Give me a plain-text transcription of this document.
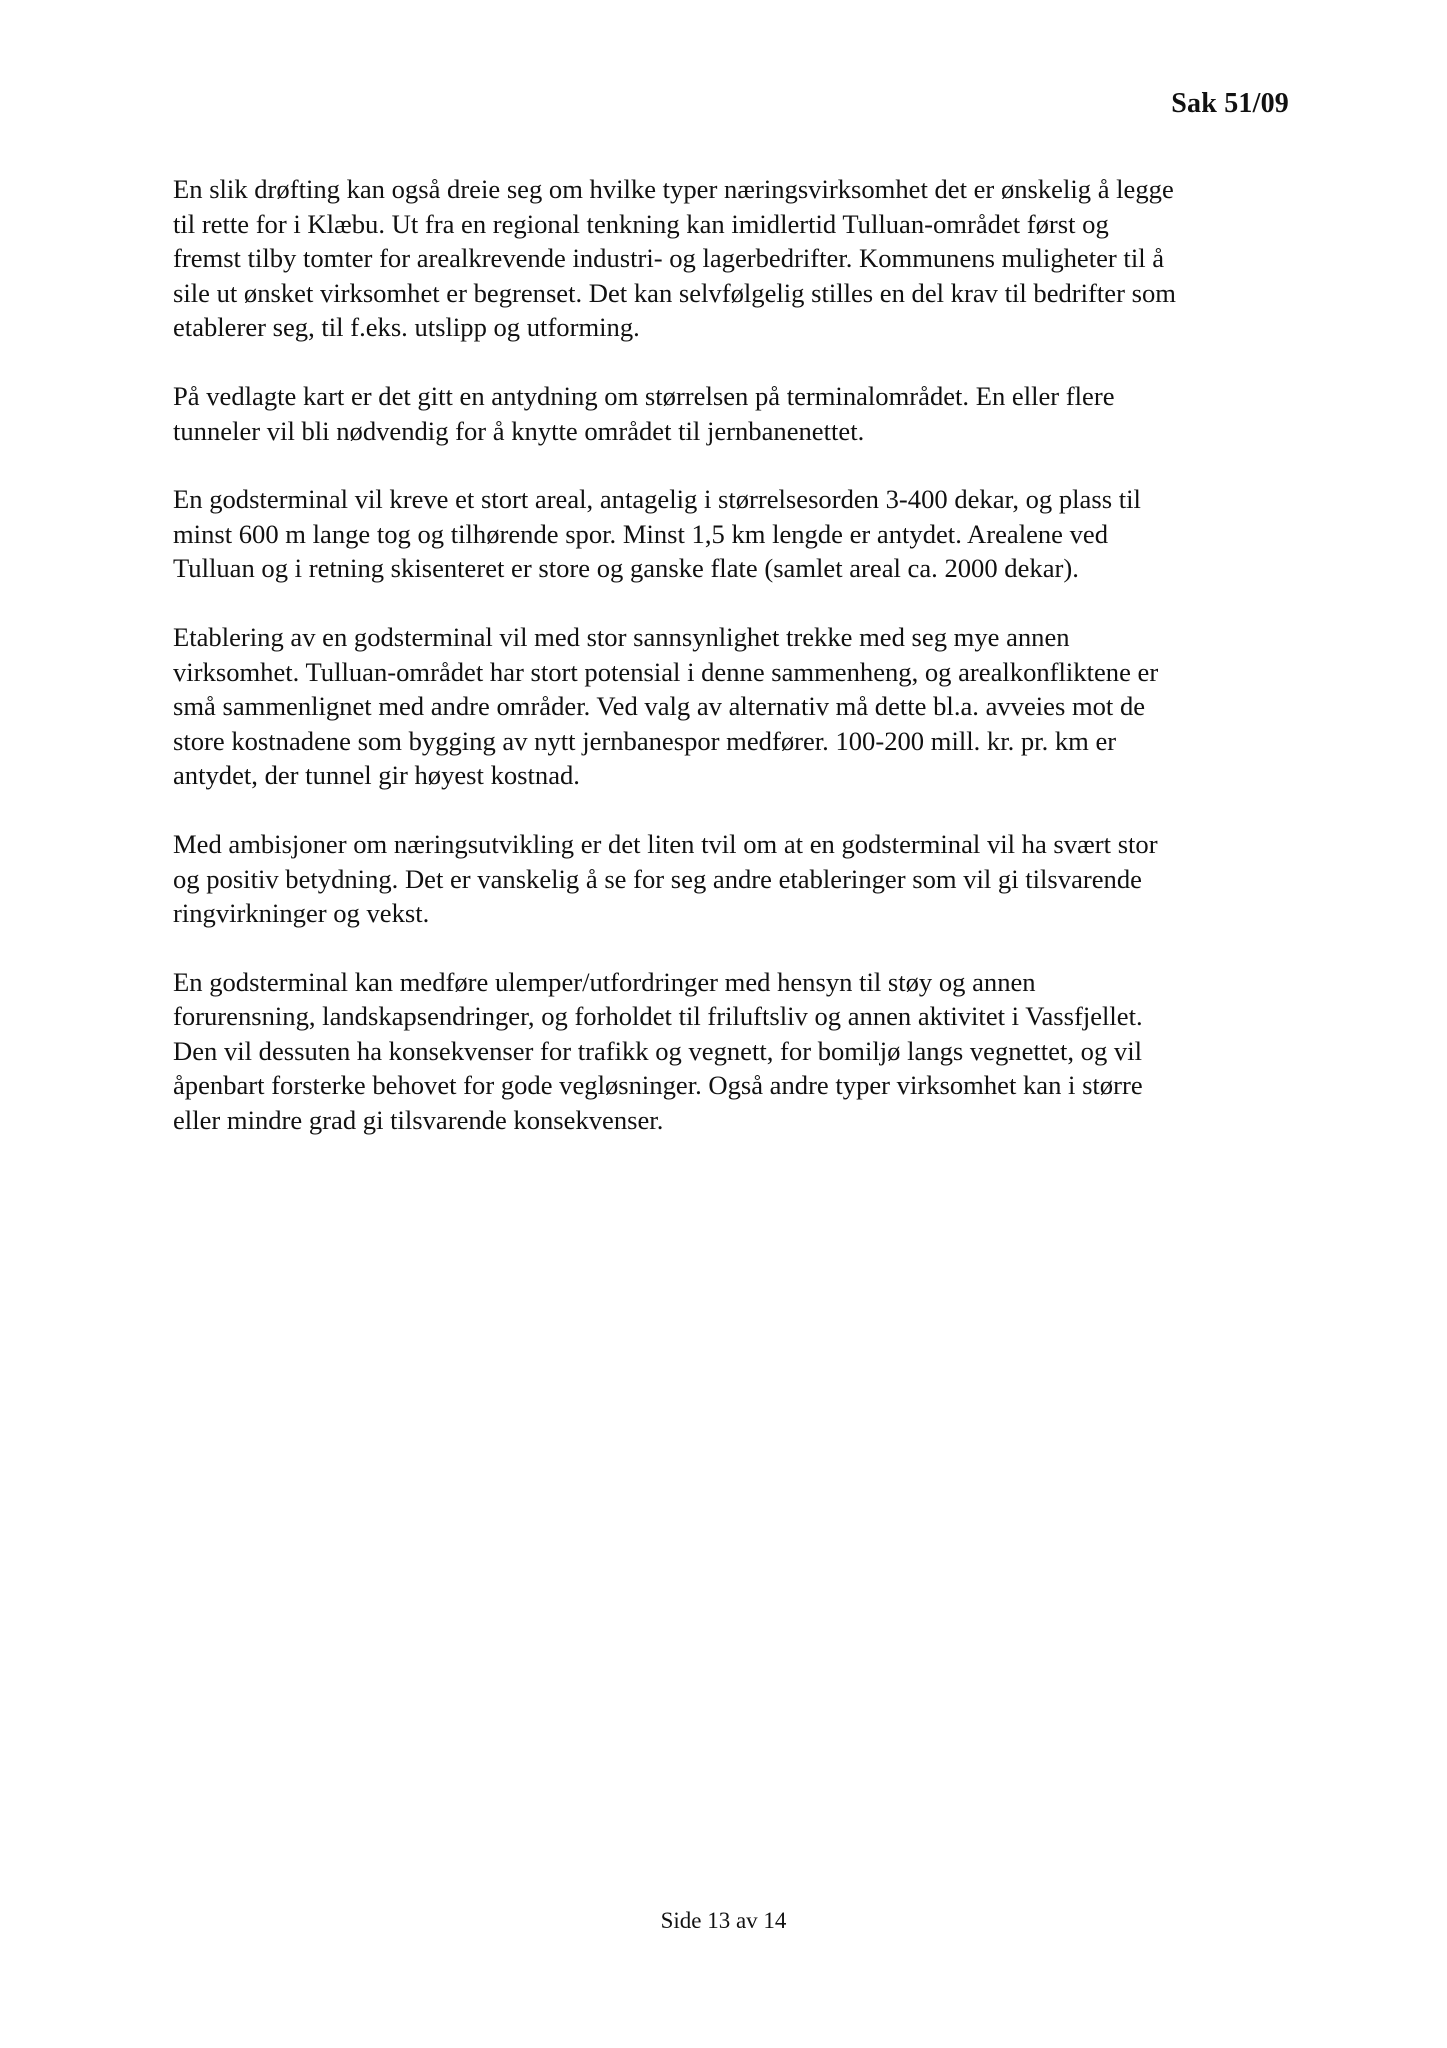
Sak 51/09

En slik drøfting kan også dreie seg om hvilke typer næringsvirksomhet det er ønskelig å legge
til rette for i Klæbu. Ut fra en regional tenkning kan imidlertid Tulluan-området først og
fremst tilby tomter for arealkrevende industri- og lagerbedrifter. Kommunens muligheter til å
sile ut ønsket virksomhet er begrenset. Det kan selvfølgelig stilles en del krav til bedrifter som
etablerer seg, til f.eks. utslipp og utforming.

På vedlagte kart er det gitt en antydning om størrelsen på terminalområdet. En eller flere
tunneler vil bli nødvendig for å knytte området til jernbanenettet.

En godsterminal vil kreve et stort areal, antagelig i størrelsesorden 3-400 dekar, og plass til
minst 600 m lange tog og tilhørende spor. Minst 1,5 km lengde er antydet. Arealene ved
Tulluan og i retning skisenteret er store og ganske flate (samlet areal ca. 2000 dekar).

Etablering av en godsterminal vil med stor sannsynlighet trekke med seg mye annen
virksomhet. Tulluan-området har stort potensial i denne sammenheng, og arealkonfliktene er
små sammenlignet med andre områder. Ved valg av alternativ må dette bl.a. avveies mot de
store kostnadene som bygging av nytt jernbanespor medfører. 100-200 mill. kr. pr. km er
antydet, der tunnel gir høyest kostnad.

Med ambisjoner om næringsutvikling er det liten tvil om at en godsterminal vil ha svært stor
og positiv betydning. Det er vanskelig å se for seg andre etableringer som vil gi tilsvarende
ringvirkninger og vekst.

En godsterminal kan medføre ulemper/utfordringer med hensyn til støy og annen
forurensning, landskapsendringer, og forholdet til friluftsliv og annen aktivitet i Vassfjellet.
Den vil dessuten ha konsekvenser for trafikk og vegnett, for bomiljø langs vegnettet, og vil
åpenbart forsterke behovet for gode vegløsninger. Også andre typer virksomhet kan i større
eller mindre grad gi tilsvarende konsekvenser.

Side 13 av 14
